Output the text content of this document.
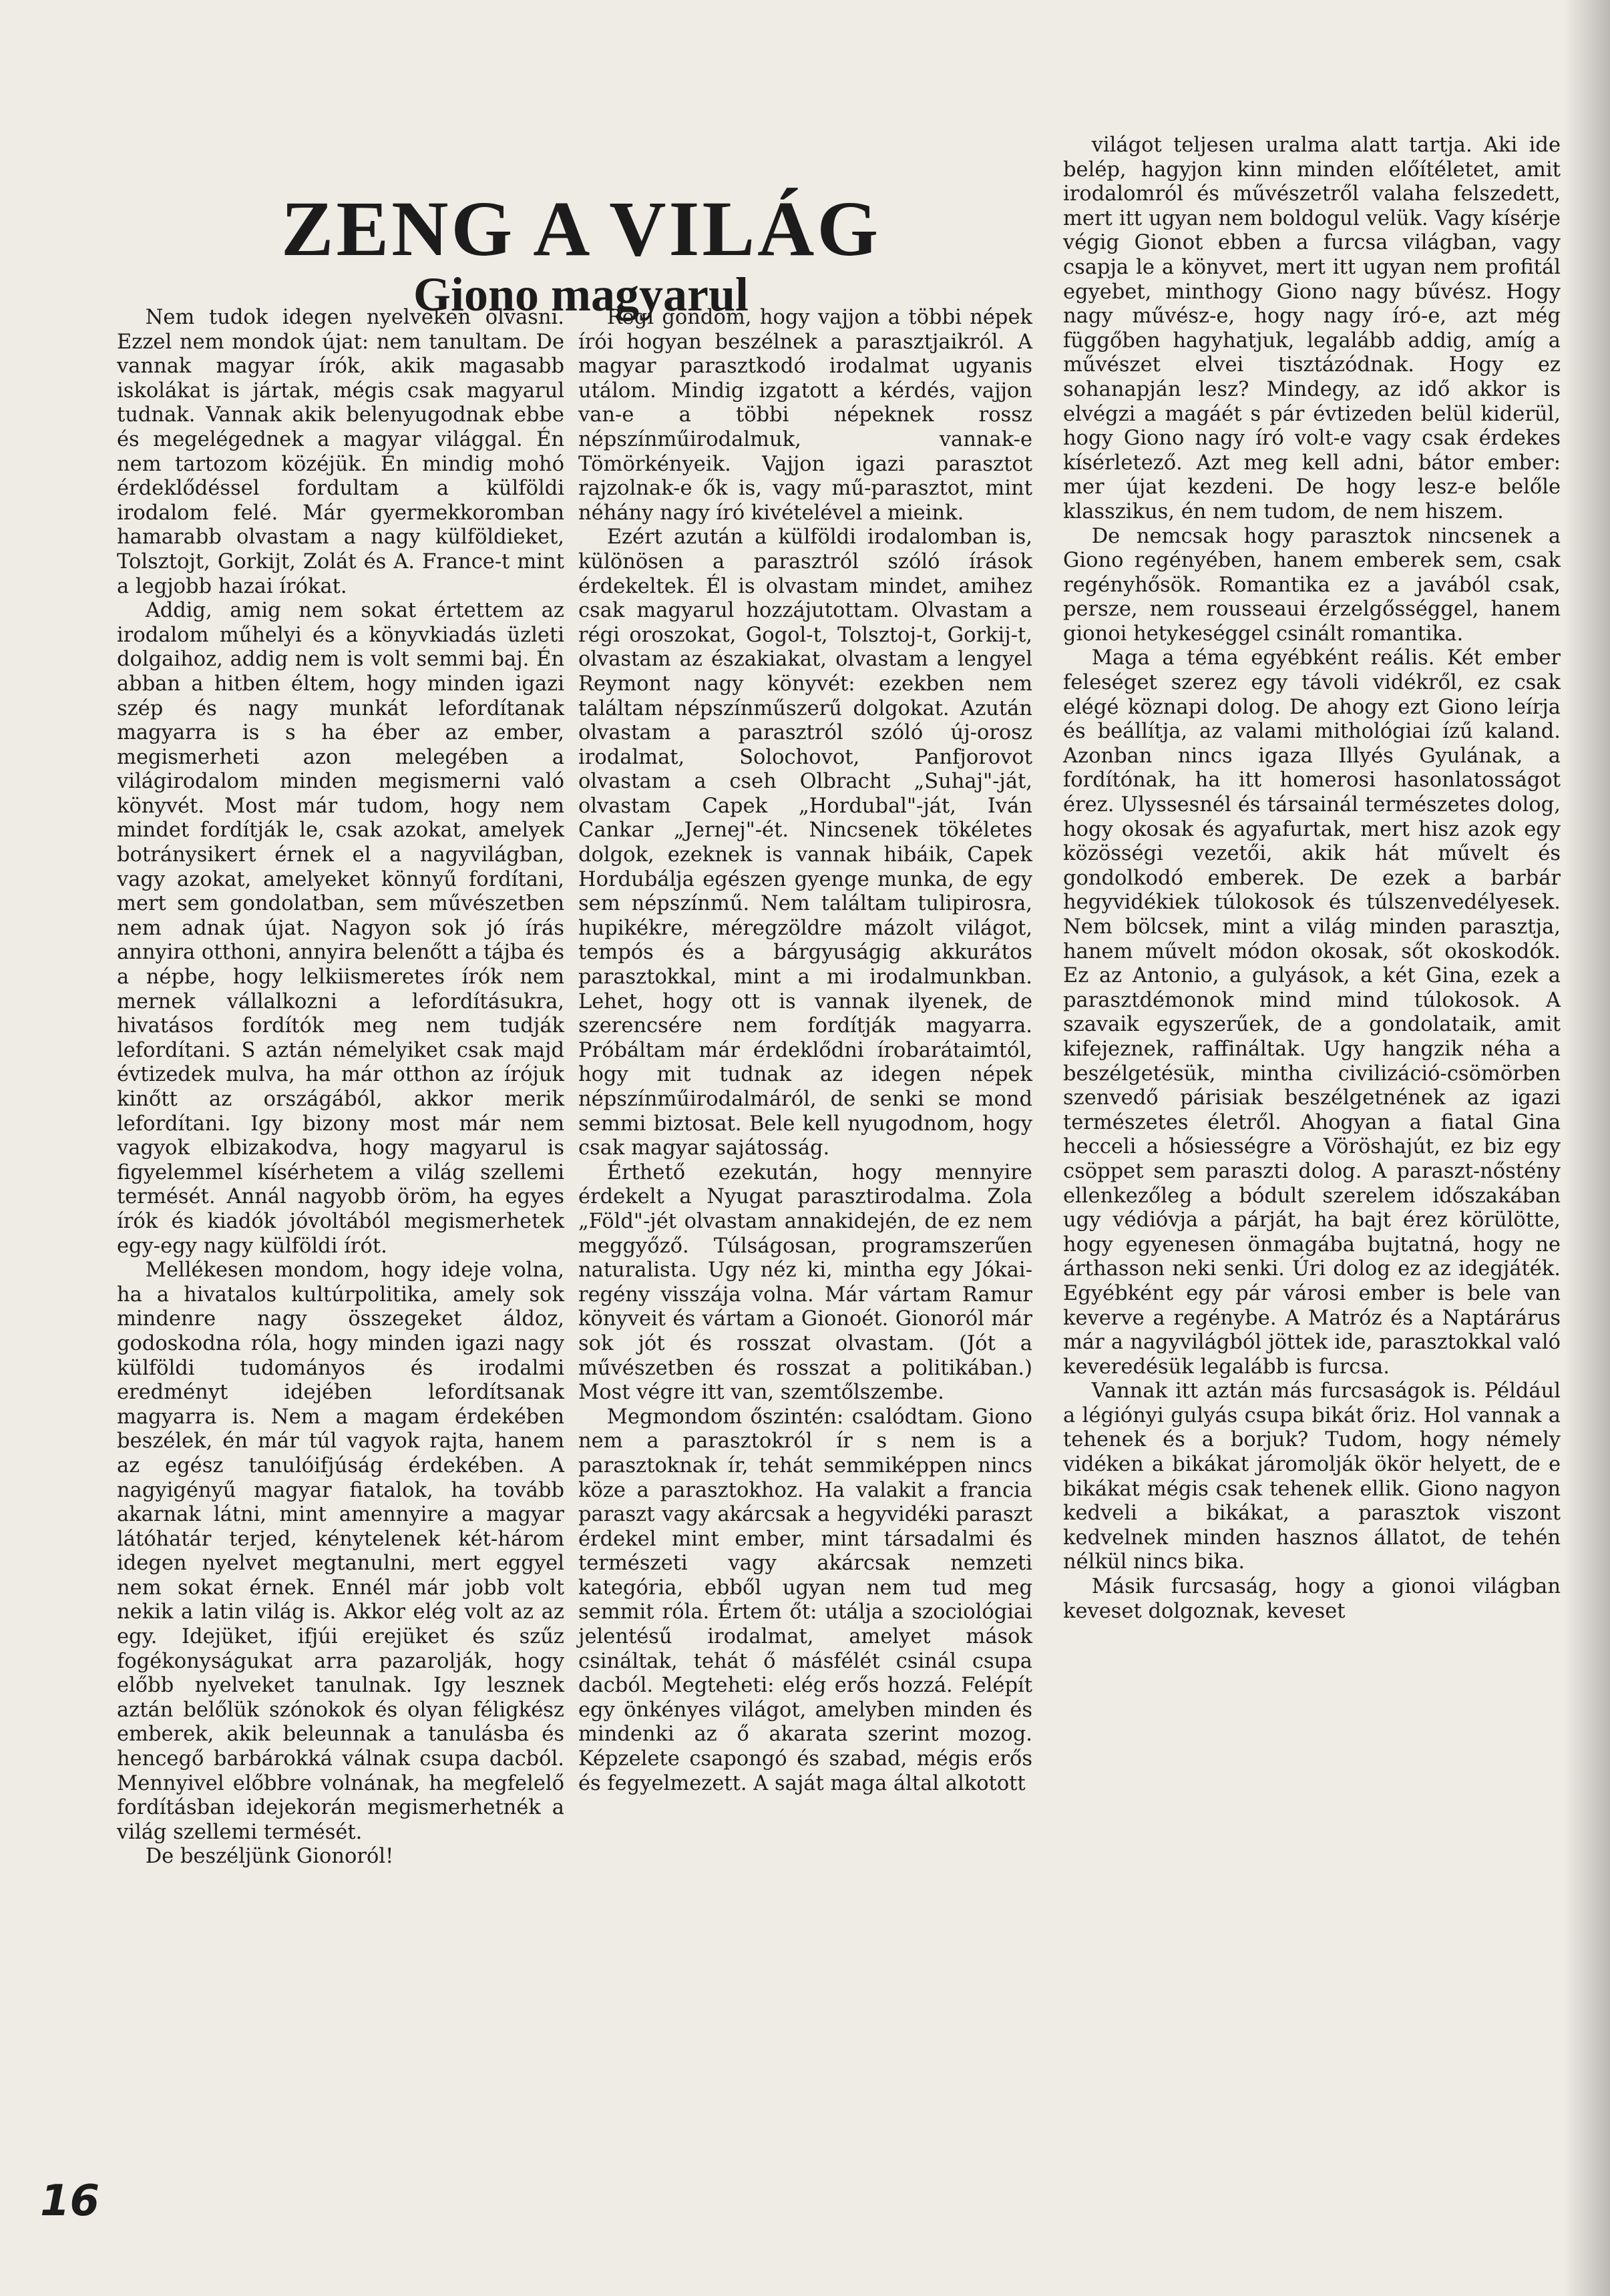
ZENG A VILÁG
Giono magyarul

Nem tudok idegen nyelveken olvasni. Ezzel nem mondok újat: nem tanultam. De vannak magyar írók, akik magasabb iskolákat is jártak, mégis csak magyarul tudnak. Vannak akik belenyugodnak ebbe és megelégednek a magyar világgal. Én nem tartozom közéjük. Én mindig mohó érdeklődéssel fordultam a külföldi irodalom felé. Már gyermekkoromban hamarabb olvastam a nagy külföldieket, Tolsztojt, Gorkijt, Zolát és A. France-t mint a legjobb hazai írókat.

Addig, amig nem sokat értettem az irodalom műhelyi és a könyvkiadás üzleti dolgaihoz, addig nem is volt semmi baj. Én abban a hitben éltem, hogy minden igazi szép és nagy munkát lefordítanak magyarra is s ha éber az ember, megismerheti azon melegében a világirodalom minden megismerni való könyvét. Most már tudom, hogy nem mindet fordítják le, csak azokat, amelyek botránysikert érnek el a nagyvilágban, vagy azokat, amelyeket könnyű fordítani, mert sem gondolatban, sem művészetben nem adnak újat. Nagyon sok jó írás annyira otthoni, annyira belenőtt a tájba és a népbe, hogy lelkiismeretes írók nem mernek vállalkozni a lefordításukra, hivatásos fordítók meg nem tudják lefordítani. S aztán némelyiket csak majd évtizedek mulva, ha már otthon az írójuk kinőtt az országából, akkor merik lefordítani. Igy bizony most már nem vagyok elbizakodva, hogy magyarul is figyelemmel kísérhetem a világ szellemi termését. Annál nagyobb öröm, ha egyes írók és kiadók jóvoltából megismerhetek egy-egy nagy külföldi írót.

Mellékesen mondom, hogy ideje volna, ha a hivatalos kultúrpolitika, amely sok mindenre nagy összegeket áldoz, godoskodna róla, hogy minden igazi nagy külföldi tudományos és irodalmi eredményt idejében lefordítsanak magyarra is. Nem a magam érdekében beszélek, én már túl vagyok rajta, hanem az egész tanulóifjúság érdekében. A nagyigényű magyar fiatalok, ha tovább akarnak látni, mint amennyire a magyar látóhatár terjed, kénytelenek két-három idegen nyelvet megtanulni, mert eggyel nem sokat érnek. Ennél már jobb volt nekik a latin világ is. Akkor elég volt az az egy. Idejüket, ifjúi erejüket és szűz fogékonyságukat arra pazarolják, hogy előbb nyelveket tanulnak. Igy lesznek aztán belőlük szónokok és olyan féligkész emberek, akik beleunnak a tanulásba és hencegő barbárokká válnak csupa dacból. Mennyivel előbbre volnának, ha megfelelő fordításban idejekorán megismerhetnék a világ szellemi termését.

De beszéljünk Gionoról!

Régi gondom, hogy vajjon a többi népek írói hogyan beszélnek a parasztjaikról. A magyar parasztkodó irodalmat ugyanis utálom. Mindig izgatott a kérdés, vajjon van-e a többi népeknek rossz népszínműirodalmuk, vannak-e Tömörkényeik. Vajjon igazi parasztot rajzolnak-e ők is, vagy mű-parasztot, mint néhány nagy író kivételével a mieink.

Ezért azután a külföldi irodalomban is, különösen a parasztról szóló írások érdekeltek. Él is olvastam mindet, amihez csak magyarul hozzájutottam. Olvastam a régi oroszokat, Gogol-t, Tolsztoj-t, Gorkij-t, olvastam az északiakat, olvastam a lengyel Reymont nagy könyvét: ezekben nem találtam népszínműszerű dolgokat. Azután olvastam a parasztról szóló új-orosz irodalmat, Solochovot, Panfjorovot olvastam a cseh Olbracht „Suhaj"-ját, olvastam Capek „Hordubal"-ját, Iván Cankar „Jernej"-ét. Nincsenek tökéletes dolgok, ezeknek is vannak hibáik, Capek Hordubálja egészen gyenge munka, de egy sem népszínmű. Nem találtam tulipirosra, hupikékre, méregzöldre mázolt világot, tempós és a bárgyuságig akkurátos parasztokkal, mint a mi irodalmunkban. Lehet, hogy ott is vannak ilyenek, de szerencsére nem fordítják magyarra. Próbáltam már érdeklődni írobarátaimtól, hogy mit tudnak az idegen népek népszínműirodalmáról, de senki se mond semmi biztosat. Bele kell nyugodnom, hogy csak magyar sajátosság.

Érthető ezekután, hogy mennyire érdekelt a Nyugat parasztirodalma. Zola „Föld"-jét olvastam annakidején, de ez nem meggyőző. Túlságosan, programszerűen naturalista. Ugy néz ki, mintha egy Jókai-regény visszája volna. Már vártam Ramur könyveit és vártam a Gionoét. Gionoról már sok jót és rosszat olvastam. (Jót a művészetben és rosszat a politikában.) Most végre itt van, szemtőlszembe.

Megmondom őszintén: csalódtam. Giono nem a parasztokról ír s nem is a parasztoknak ír, tehát semmiképpen nincs köze a parasztokhoz. Ha valakit a francia paraszt vagy akárcsak a hegyvidéki paraszt érdekel mint ember, mint társadalmi és természeti vagy akárcsak nemzeti kategória, ebből ugyan nem tud meg semmit róla. Értem őt: utálja a szociológiai jelentésű irodalmat, amelyet mások csináltak, tehát ő másfélét csinál csupa dacból. Megteheti: elég erős hozzá. Felépít egy önkényes világot, amelyben minden és mindenki az ő akarata szerint mozog. Képzelete csapongó és szabad, mégis erős és fegyelmezett. A saját maga által alkotott

világot teljesen uralma alatt tartja. Aki ide belép, hagyjon kinn minden előítéletet, amit irodalomról és művészetről valaha felszedett, mert itt ugyan nem boldogul velük. Vagy kísérje végig Gionot ebben a furcsa világban, vagy csapja le a könyvet, mert itt ugyan nem profitál egyebet, minthogy Giono nagy bűvész. Hogy nagy művész-e, hogy nagy író-e, azt még függőben hagyhatjuk, legalább addig, amíg a művészet elvei tisztázódnak. Hogy ez sohanapján lesz? Mindegy, az idő akkor is elvégzi a magáét s pár évtizeden belül kiderül, hogy Giono nagy író volt-e vagy csak érdekes kísérletező. Azt meg kell adni, bátor ember: mer újat kezdeni. De hogy lesz-e belőle klasszikus, én nem tudom, de nem hiszem.

De nemcsak hogy parasztok nincsenek a Giono regényében, hanem emberek sem, csak regényhősök. Romantika ez a javából csak, persze, nem rousseaui érzelgősséggel, hanem gionoi hetykeséggel csinált romantika.

Maga a téma egyébként reális. Két ember feleséget szerez egy távoli vidékről, ez csak elégé köznapi dolog. De ahogy ezt Giono leírja és beállítja, az valami mithológiai ízű kaland. Azonban nincs igaza Illyés Gyulának, a fordítónak, ha itt homerosi hasonlatosságot érez. Ulyssesnél és társainál természetes dolog, hogy okosak és agyafurtak, mert hisz azok egy közösségi vezetői, akik hát művelt és gondolkodó emberek. De ezek a barbár hegyvidékiek túlokosok és túlszenvedélyesek. Nem bölcsek, mint a világ minden parasztja, hanem művelt módon okosak, sőt okoskodók. Ez az Antonio, a gulyások, a két Gina, ezek a parasztdémonok mind mind túlokosok. A szavaik egyszerűek, de a gondolataik, amit kifejeznek, raffináltak. Ugy hangzik néha a beszélgetésük, mintha civilizáció-csömörben szenvedő párisiak beszélgetnének az igazi természetes életről. Ahogyan a fiatal Gina hecceli a hősiességre a Vöröshajút, ez biz egy csöppet sem paraszti dolog. A paraszt-nőstény ellenkezőleg a bódult szerelem időszakában ugy védióvja a párját, ha bajt érez körülötte, hogy egyenesen önmagába bujtatná, hogy ne árthasson neki senki. Úri dolog ez az idegjáték. Egyébként egy pár városi ember is bele van keverve a regénybe. A Matróz és a Naptárárus már a nagyvilágból jöttek ide, parasztokkal való keveredésük legalább is furcsa.

Vannak itt aztán más furcsaságok is. Például a légiónyi gulyás csupa bikát őriz. Hol vannak a tehenek és a borjuk? Tudom, hogy némely vidéken a bikákat járomolják ökör helyett, de e bikákat mégis csak tehenek ellik. Giono nagyon kedveli a bikákat, a parasztok viszont kedvelnek minden hasznos állatot, de tehén nélkül nincs bika.

Másik furcsaság, hogy a gionoi világban keveset dolgoznak, keveset

16
